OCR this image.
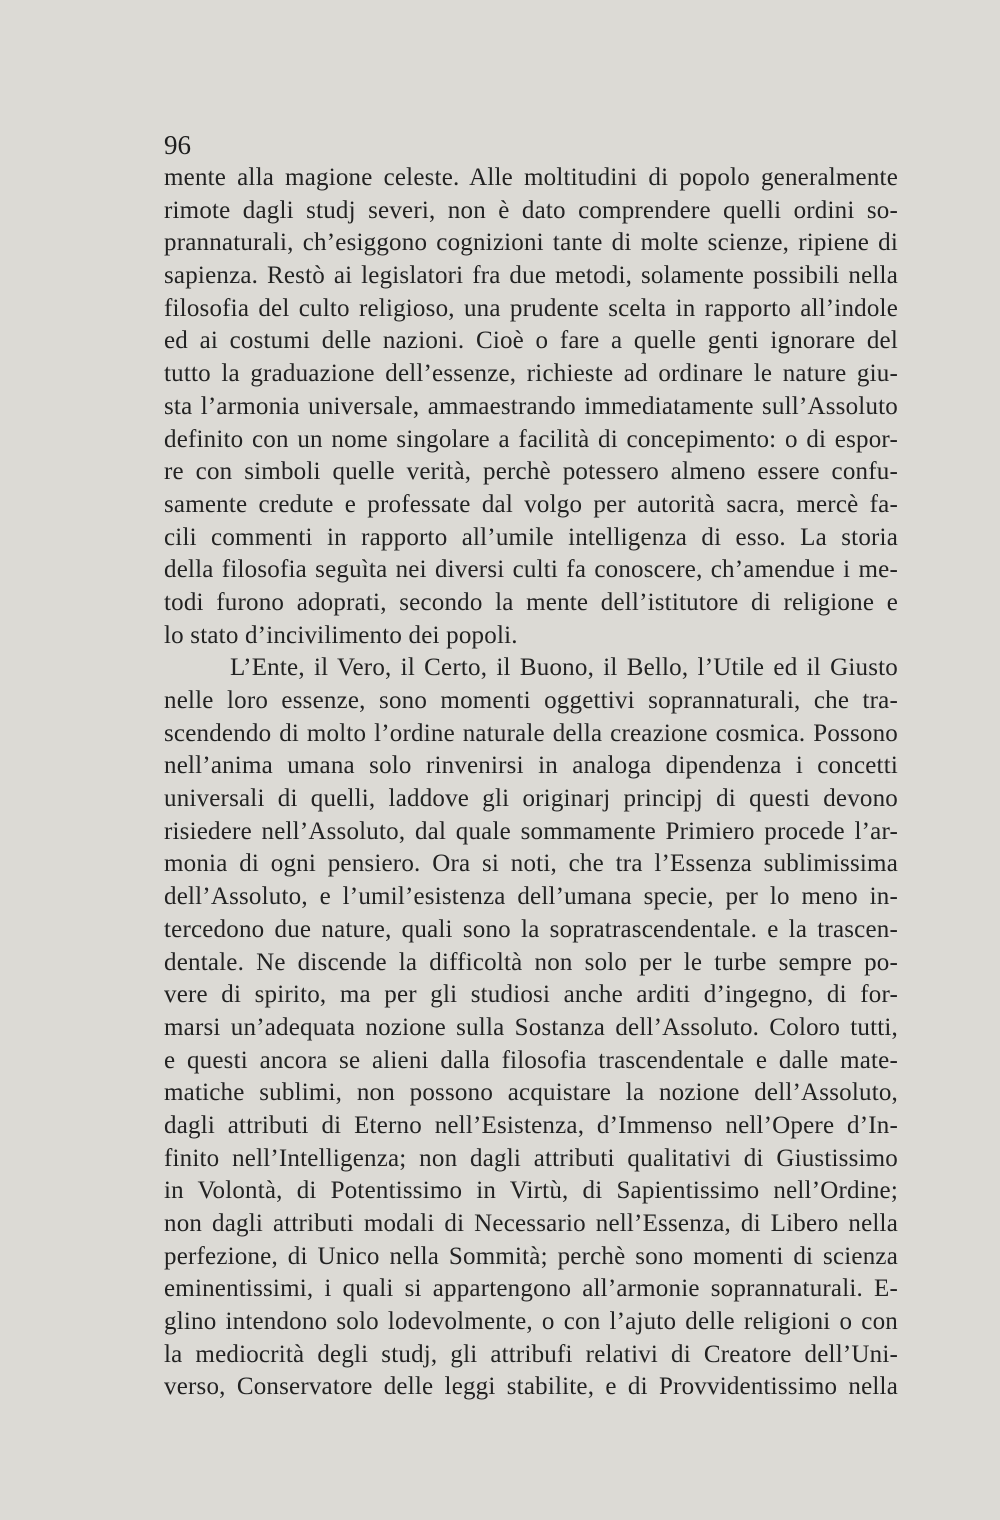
96
mente alla magione celeste. Alle moltitudini di popolo generalmente
rimote dagli studj severi, non è dato comprendere quelli ordini so-
prannaturali, ch’esiggono cognizioni tante di molte scienze, ripiene di
sapienza. Restò ai legislatori fra due metodi, solamente possibili nella
filosofia del culto religioso, una prudente scelta in rapporto all’indole
ed ai costumi delle nazioni. Cioè o fare a quelle genti ignorare del
tutto la graduazione dell’essenze, richieste ad ordinare le nature giu-
sta l’armonia universale, ammaestrando immediatamente sull’Assoluto
definito con un nome singolare a facilità di concepimento: o di espor-
re con simboli quelle verità, perchè potessero almeno essere confu-
samente credute e professate dal volgo per autorità sacra, mercè fa-
cili commenti in rapporto all’umile intelligenza di esso. La storia
della filosofia seguìta nei diversi culti fa conoscere, ch’amendue i me-
todi furono adoprati, secondo la mente dell’istitutore di religione e
lo stato d’incivilimento dei popoli.
L’Ente, il Vero, il Certo, il Buono, il Bello, l’Utile ed il Giusto
nelle loro essenze, sono momenti oggettivi soprannaturali, che tra-
scendendo di molto l’ordine naturale della creazione cosmica. Possono
nell’anima umana solo rinvenirsi in analoga dipendenza i concetti
universali di quelli, laddove gli originarj principj di questi devono
risiedere nell’Assoluto, dal quale sommamente Primiero procede l’ar-
monia di ogni pensiero. Ora si noti, che tra l’Essenza sublimissima
dell’Assoluto, e l’umil’esistenza dell’umana specie, per lo meno in-
tercedono due nature, quali sono la sopratrascendentale. e la trascen-
dentale. Ne discende la difficoltà non solo per le turbe sempre po-
vere di spirito, ma per gli studiosi anche arditi d’ingegno, di for-
marsi un’adequata nozione sulla Sostanza dell’Assoluto. Coloro tutti,
e questi ancora se alieni dalla filosofia trascendentale e dalle mate-
matiche sublimi, non possono acquistare la nozione dell’Assoluto,
dagli attributi di Eterno nell’Esistenza, d’Immenso nell’Opere d’In-
finito nell’Intelligenza; non dagli attributi qualitativi di Giustissimo
in Volontà, di Potentissimo in Virtù, di Sapientissimo nell’Ordine;
non dagli attributi modali di Necessario nell’Essenza, di Libero nella
perfezione, di Unico nella Sommità; perchè sono momenti di scienza
eminentissimi, i quali si appartengono all’armonie soprannaturali. E-
glino intendono solo lodevolmente, o con l’ajuto delle religioni o con
la mediocrità degli studj, gli attribufi relativi di Creatore dell’Uni-
verso, Conservatore delle leggi stabilite, e di Provvidentissimo nella
